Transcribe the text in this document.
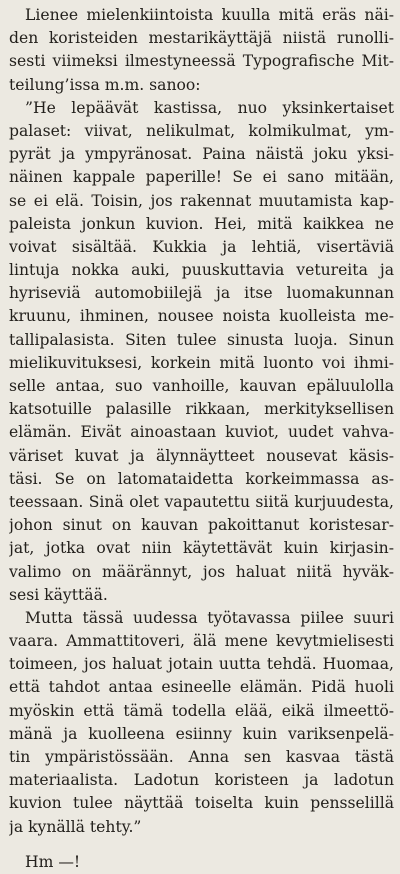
Lienee mielenkiintoista kuulla mitä eräs näi-
den koristeiden mestarikäyttäjä niistä runolli-
sesti viimeksi ilmestyneessä Typografische Mit-
teilung’issa m.m. sanoo:
”He lepäävät kastissa, nuo yksinkertaiset
palaset: viivat, nelikulmat, kolmikulmat, ym-
pyrät ja ympyränosat. Paina näistä joku yksi-
näinen kappale paperille! Se ei sano mitään,
se ei elä. Toisin, jos rakennat muutamista kap-
paleista jonkun kuvion. Hei, mitä kaikkea ne
voivat sisältää. Kukkia ja lehtiä, visertäviä
lintuja nokka auki, puuskuttavia vetureita ja
hyriseviä automobiilejä ja itse luomakunnan
kruunu, ihminen, nousee noista kuolleista me-
tallipalasista. Siten tulee sinusta luoja. Sinun
mielikuvituksesi, korkein mitä luonto voi ihmi-
selle antaa, suo vanhoille, kauvan epäluulolla
katsotuille palasille rikkaan, merkityksellisen
elämän. Eivät ainoastaan kuviot, uudet vahva-
väriset kuvat ja älynnäytteet nousevat käsis-
täsi. Se on latomataidetta korkeimmassa as-
teessaan. Sinä olet vapautettu siitä kurjuudesta,
johon sinut on kauvan pakoittanut koristesar-
jat, jotka ovat niin käytettävät kuin kirjasin-
valimo on määrännyt, jos haluat niitä hyväk-
sesi käyttää.
Mutta tässä uudessa työtavassa piilee suuri
vaara. Ammattitoveri, älä mene kevytmielisesti
toimeen, jos haluat jotain uutta tehdä. Huomaa,
että tahdot antaa esineelle elämän. Pidä huoli
myöskin että tämä todella elää, eikä ilmeettö-
mänä ja kuolleena esiinny kuin variksenpelä-
tin ympäristössään. Anna sen kasvaa tästä
materiaalista. Ladotun koristeen ja ladotun
kuvion tulee näyttää toiselta kuin pensselillä
ja kynällä tehty.”
Hm —!
